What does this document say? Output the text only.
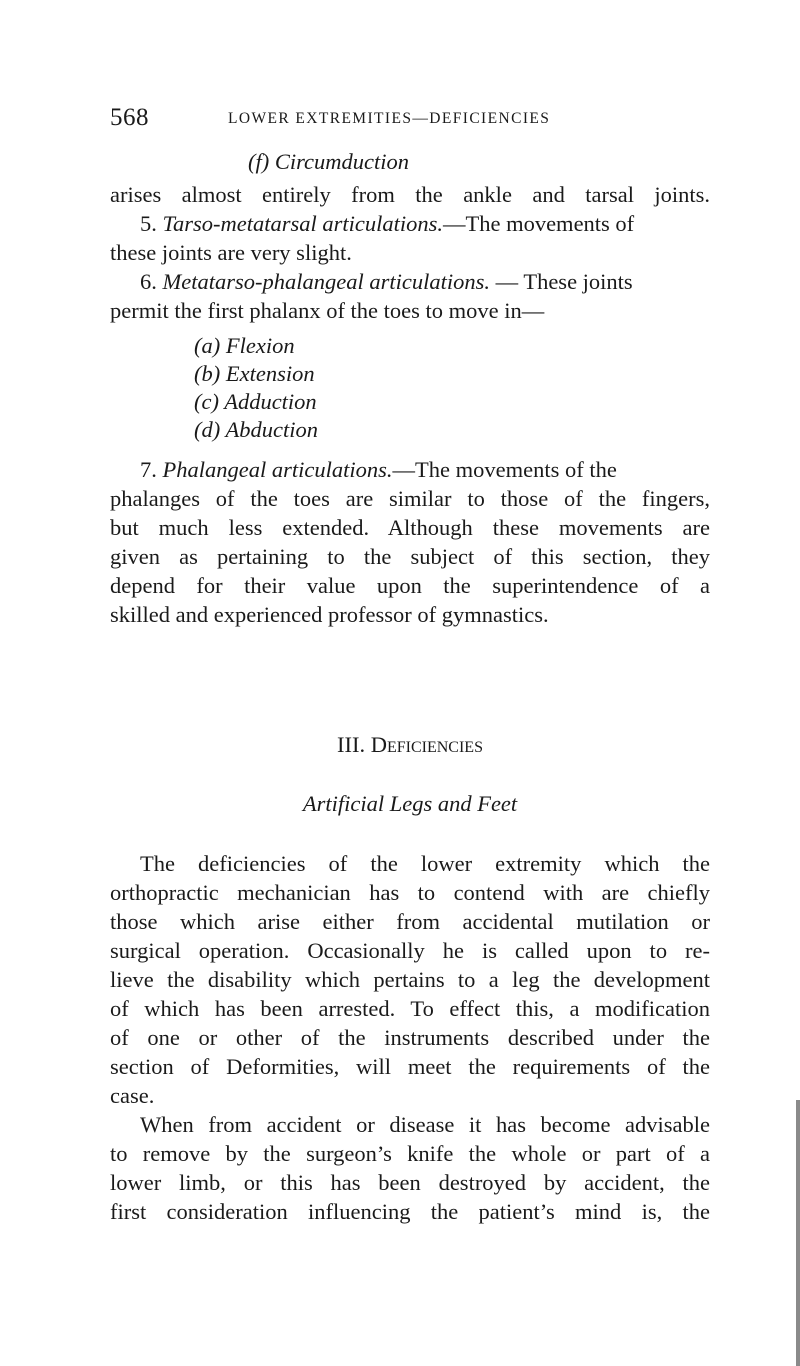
568	LOWER EXTREMITIES—DEFICIENCIES
(f) Circumduction
arises almost entirely from the ankle and tarsal joints.
5. Tarso-metatarsal articulations.—The movements of
these joints are very slight.
6. Metatarso-phalangeal articulations. — These joints
permit the first phalanx of the toes to move in—
(a) Flexion
(b) Extension
(c) Adduction
(d) Abduction
7. Phalangeal articulations.—The movements of the
phalanges of the toes are similar to those of the fingers,
but much less extended. Although these movements are
given as pertaining to the subject of this section, they
depend for their value upon the superintendence of a
skilled and experienced professor of gymnastics.
III. Deficiencies
Artificial Legs and Feet
The deficiencies of the lower extremity which the
orthopractic mechanician has to contend with are chiefly
those which arise either from accidental mutilation or
surgical operation. Occasionally he is called upon to re-
lieve the disability which pertains to a leg the development
of which has been arrested. To effect this, a modification
of one or other of the instruments described under the
section of Deformities, will meet the requirements of the
case.
When from accident or disease it has become advisable
to remove by the surgeon’s knife the whole or part of a
lower limb, or this has been destroyed by accident, the
first consideration influencing the patient’s mind is, the
